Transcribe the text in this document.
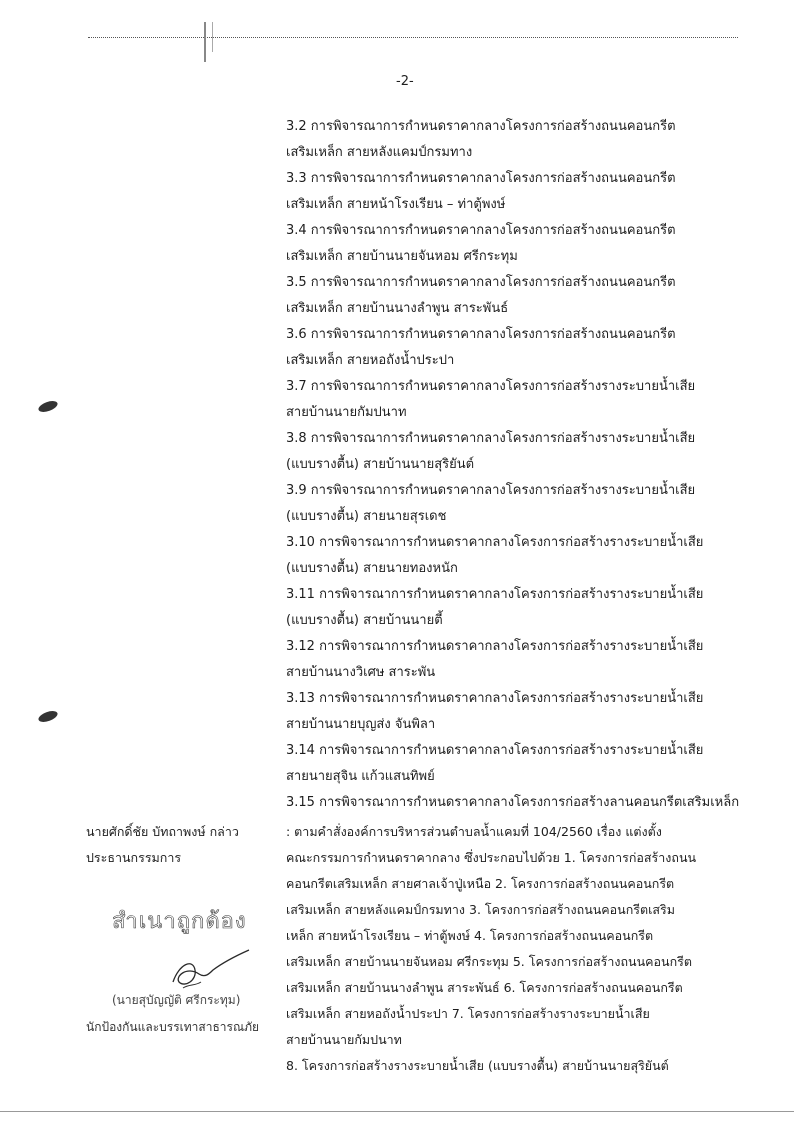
-2-
3.2 การพิจารณาการกำหนดราคากลางโครงการก่อสร้างถนนคอนกรีต
เสริมเหล็ก สายหลังแคมป์กรมทาง
3.3 การพิจารณาการกำหนดราคากลางโครงการก่อสร้างถนนคอนกรีต
เสริมเหล็ก สายหน้าโรงเรียน – ท่าตู้พงษ์
3.4 การพิจารณาการกำหนดราคากลางโครงการก่อสร้างถนนคอนกรีต
เสริมเหล็ก สายบ้านนายจันหอม ศรีกระทุม
3.5 การพิจารณาการกำหนดราคากลางโครงการก่อสร้างถนนคอนกรีต
เสริมเหล็ก สายบ้านนางลำพูน สาระพันธ์
3.6 การพิจารณาการกำหนดราคากลางโครงการก่อสร้างถนนคอนกรีต
เสริมเหล็ก สายหอถังน้ำประปา
3.7 การพิจารณาการกำหนดราคากลางโครงการก่อสร้างรางระบายน้ำเสีย
สายบ้านนายกัมปนาท
3.8 การพิจารณาการกำหนดราคากลางโครงการก่อสร้างรางระบายน้ำเสีย
(แบบรางตื้น) สายบ้านนายสุริยันต์
3.9 การพิจารณาการกำหนดราคากลางโครงการก่อสร้างรางระบายน้ำเสีย
(แบบรางตื้น) สายนายสุรเดช
3.10 การพิจารณาการกำหนดราคากลางโครงการก่อสร้างรางระบายน้ำเสีย
(แบบรางตื้น) สายนายทองหนัก
3.11 การพิจารณาการกำหนดราคากลางโครงการก่อสร้างรางระบายน้ำเสีย
(แบบรางตื้น) สายบ้านนายตี้
3.12 การพิจารณาการกำหนดราคากลางโครงการก่อสร้างรางระบายน้ำเสีย
สายบ้านนางวิเศษ สาระพัน
3.13 การพิจารณาการกำหนดราคากลางโครงการก่อสร้างรางระบายน้ำเสีย
สายบ้านนายบุญส่ง จันพิลา
3.14 การพิจารณาการกำหนดราคากลางโครงการก่อสร้างรางระบายน้ำเสีย
สายนายสุจิน แก้วแสนทิพย์
3.15 การพิจารณาการกำหนดราคากลางโครงการก่อสร้างลานคอนกรีตเสริมเหล็ก
นายศักดิ์ชัย บัทถาพงษ์ กล่าว
ประธานกรรมการ
: ตามคำสั่งองค์การบริหารส่วนตำบลน้ำแคมที่ 104/2560 เรื่อง แต่งตั้ง
คณะกรรมการกำหนดราคากลาง ซึ่งประกอบไปด้วย 1. โครงการก่อสร้างถนน
คอนกรีตเสริมเหล็ก สายศาลเจ้าปู่เหนือ 2. โครงการก่อสร้างถนนคอนกรีต
เสริมเหล็ก สายหลังแคมป์กรมทาง 3. โครงการก่อสร้างถนนคอนกรีตเสริม
เหล็ก สายหน้าโรงเรียน – ท่าตู้พงษ์ 4. โครงการก่อสร้างถนนคอนกรีต
เสริมเหล็ก สายบ้านนายจันหอม ศรีกระทุม 5. โครงการก่อสร้างถนนคอนกรีต
เสริมเหล็ก สายบ้านนางลำพูน สาระพันธ์ 6. โครงการก่อสร้างถนนคอนกรีต
เสริมเหล็ก สายหอถังน้ำประปา 7. โครงการก่อสร้างรางระบายน้ำเสีย
สายบ้านนายกัมปนาท
8. โครงการก่อสร้างรางระบายน้ำเสีย (แบบรางตื้น) สายบ้านนายสุริยันต์
สำเนาถูกต้อง
(นายสุบัญญัติ ศรีกระทุม)
นักป้องกันและบรรเทาสาธารณภัย
